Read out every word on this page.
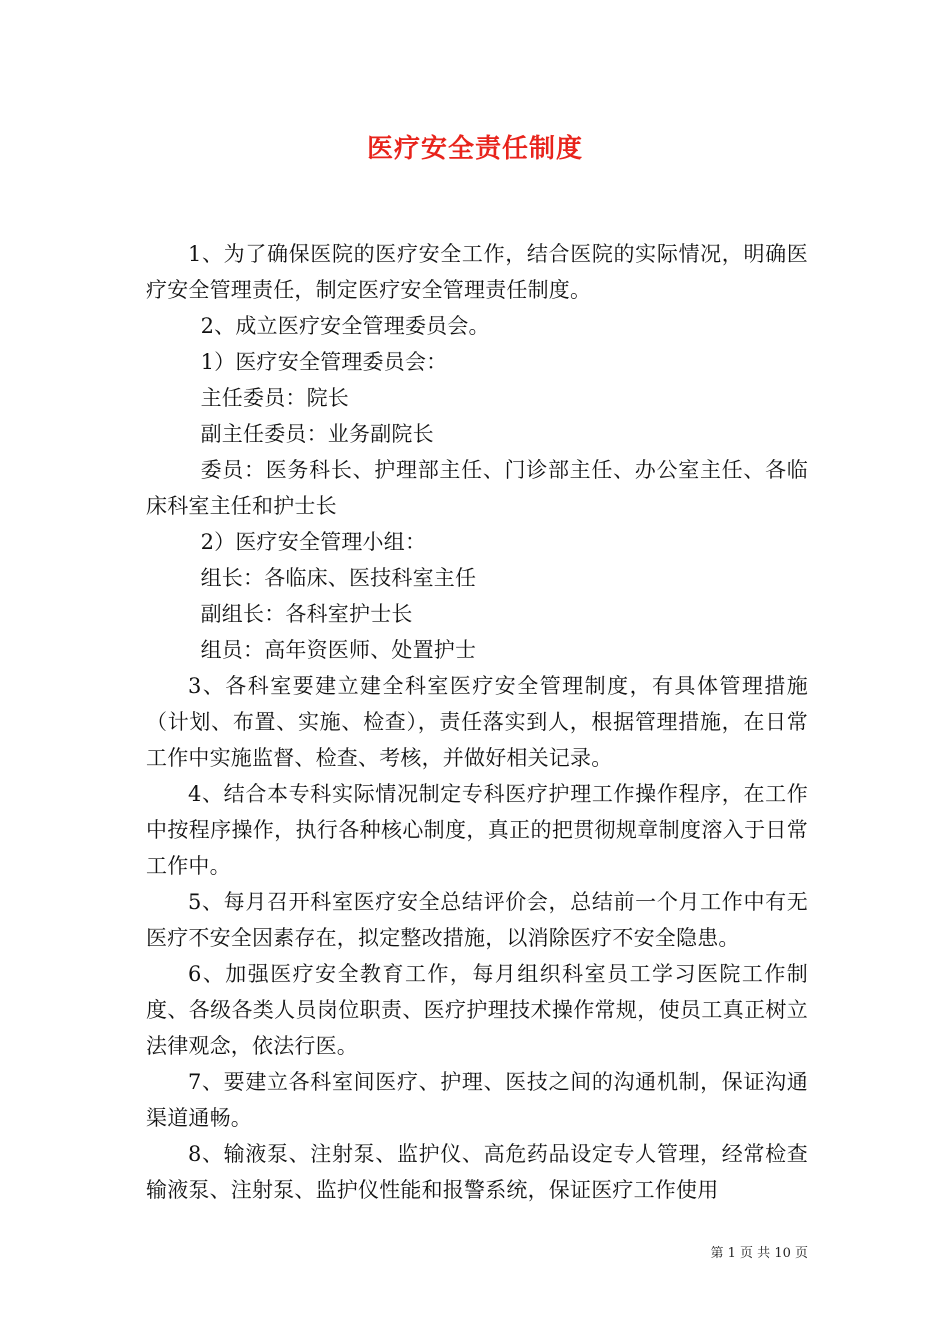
医疗安全责任制度

1、为了确保医院的医疗安全工作，结合医院的实际情况，明确医疗安全管理责任，制定医疗安全管理责任制度。

2、成立医疗安全管理委员会。

1）医疗安全管理委员会：

主任委员：院长

副主任委员：业务副院长

委员：医务科长、护理部主任、门诊部主任、办公室主任、各临床科室主任和护士长

2）医疗安全管理小组：

组长：各临床、医技科室主任

副组长：各科室护士长

组员：高年资医师、处置护士

3、各科室要建立建全科室医疗安全管理制度，有具体管理措施（计划、布置、实施、检查），责任落实到人，根据管理措施，在日常工作中实施监督、检查、考核，并做好相关记录。

4、结合本专科实际情况制定专科医疗护理工作操作程序，在工作中按程序操作，执行各种核心制度，真正的把贯彻规章制度溶入于日常工作中。

5、每月召开科室医疗安全总结评价会，总结前一个月工作中有无医疗不安全因素存在，拟定整改措施，以消除医疗不安全隐患。

6、加强医疗安全教育工作，每月组织科室员工学习医院工作制度、各级各类人员岗位职责、医疗护理技术操作常规，使员工真正树立法律观念，依法行医。

7、要建立各科室间医疗、护理、医技之间的沟通机制，保证沟通渠道通畅。

8、输液泵、注射泵、监护仪、高危药品设定专人管理，经常检查输液泵、注射泵、监护仪性能和报警系统，保证医疗工作使用

第 1 页 共 10 页
